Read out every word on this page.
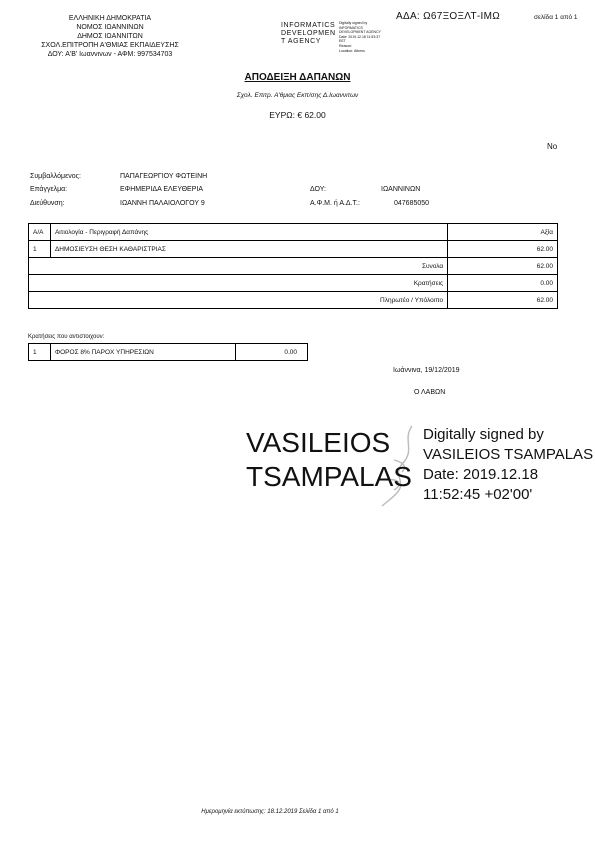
ΕΛΛΗΝΙΚΗ ΔΗΜΟΚΡΑΤΙΑ
ΝΟΜΟΣ ΙΩΑΝΝΙΝΩΝ
ΔΗΜΟΣ ΙΩΑΝΝΙΤΩΝ
ΣΧΟΛ.ΕΠΙΤΡΟΠΗ Α'ΘΜΙΑΣ ΕΚΠΑΙΔΕΥΣΗΣ
ΔΟΥ: Α'Β' Ιωαννινων - ΑΦΜ: 997534703
INFORMATICS
DEVELOPMEN
T AGENCY
Digitally signed by
INFORMATICS
DEVELOPMENT AGENCY
Date: 2019.12.18 11:53:37
EET
Reason:
Location: Athens
ΑΔΑ: Ω67ΞΟΞΛΤ-ΙΜΩ	σελίδα 1 από 1
ΑΠΟΔΕΙΞΗ ΔΑΠΑΝΩΝ
Σχολ. Επιτρ. Α'θμιας Εκπ/σης Δ.Ιωαννιτων
ΕΥΡΩ: € 62.00
Νο
Συμβαλλόμενος:	ΠΑΠΑΓΕΩΡΓΙΟΥ ΦΩΤΕΙΝΗ
Επάγγελμα:	ΕΦΗΜΕΡΙΔΑ ΕΛΕΥΘΕΡΙΑ	ΔΟΥ:	ΙΩΑΝΝΙΝΩΝ
Διεύθυνση:	ΙΩΑΝΝΗ ΠΑΛΑΙΟΛΟΓΟΥ 9	Α.Φ.Μ. ή Α.Δ.Τ.:	047685050
Α/Α	Αιτιολογία - Περιγραφή Δαπάνης	Αξία
1	ΔΗΜΟΣΙΕΥΣΗ ΘΕΣΗ ΚΑΘΑΡΙΣΤΡΙΑΣ	62.00
Συνολα		62.00
Κρατήσεις		0.00
Πληρωτέο / Υπόλοιπο		62.00
Κρατήσεις που αντιστοιχουν:
1	ΦΟΡΟΣ 8% ΠΑΡΟΧ ΥΠΗΡΕΣΙΩΝ	0.00
Ιωάννινα, 19/12/2019
Ο ΛΑΒΩΝ
VASILEIOS
TSAMPALAS
Digitally signed by
VASILEIOS TSAMPALAS
Date: 2019.12.18
11:52:45 +02'00'
Ημερομηνία εκτύπωσης: 18.12.2019 Σελίδα 1 από 1
